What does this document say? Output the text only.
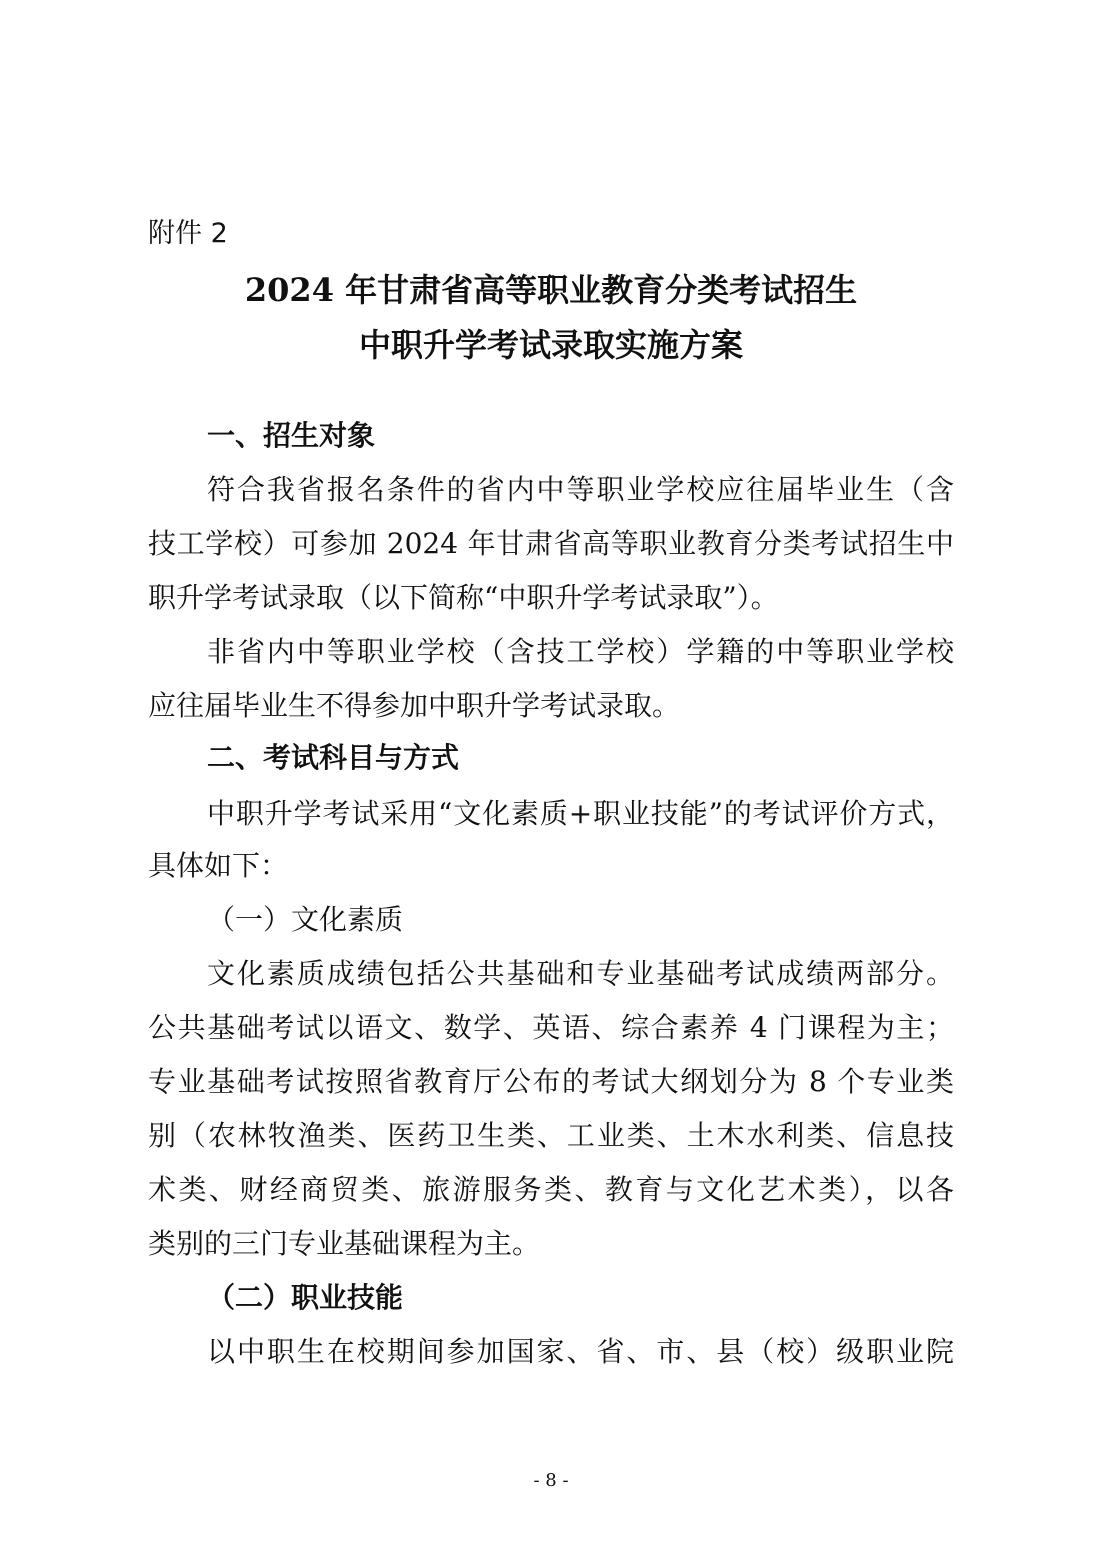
附件 2
2024 年甘肃省高等职业教育分类考试招生
中职升学考试录取实施方案
一、招生对象
符合我省报名条件的省内中等职业学校应往届毕业生（含
技工学校）可参加 2024 年甘肃省高等职业教育分类考试招生中
职升学考试录取（以下简称“中职升学考试录取”）。
非省内中等职业学校（含技工学校）学籍的中等职业学校
应往届毕业生不得参加中职升学考试录取。
二、考试科目与方式
中职升学考试采用“文化素质+职业技能”的考试评价方式，
具体如下：
（一）文化素质
文化素质成绩包括公共基础和专业基础考试成绩两部分。
公共基础考试以语文、数学、英语、综合素养 4 门课程为主；
专业基础考试按照省教育厅公布的考试大纲划分为 8 个专业类
别（农林牧渔类、医药卫生类、工业类、土木水利类、信息技
术类、财经商贸类、旅游服务类、教育与文化艺术类），以各
类别的三门专业基础课程为主。
（二）职业技能
以中职生在校期间参加国家、省、市、县（校）级职业院
- 8 -
